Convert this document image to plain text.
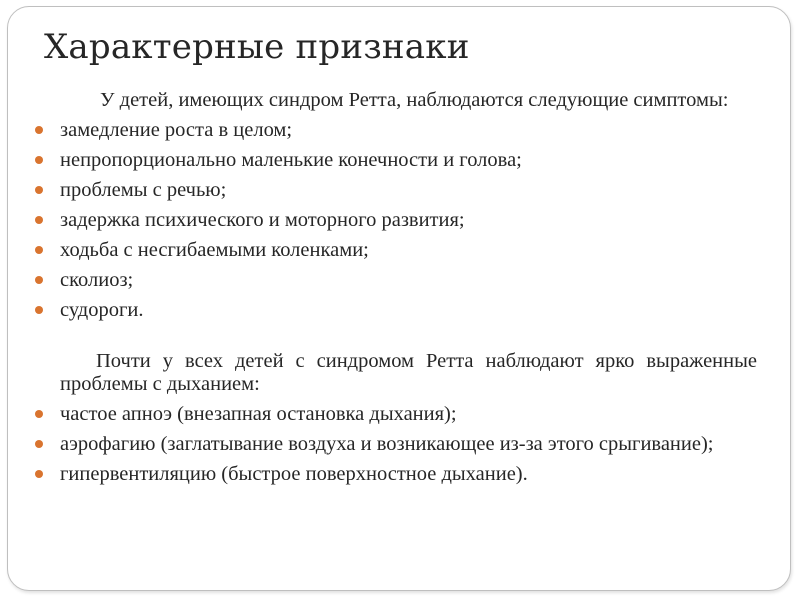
Характерные признаки

У детей, имеющих синдром Ретта, наблюдаются следующие симптомы:

замедление роста в целом;
непропорционально маленькие конечности и голова;
проблемы с речью;
задержка психического и моторного развития;
ходьба с несгибаемыми коленками;
сколиоз;
судороги.

Почти у всех детей с синдромом Ретта наблюдают ярко выраженные проблемы с дыханием:

частое апноэ (внезапная остановка дыхания);
аэрофагию (заглатывание воздуха и возникающее из-за этого срыгивание);
гипервентиляцию (быстрое поверхностное дыхание).
